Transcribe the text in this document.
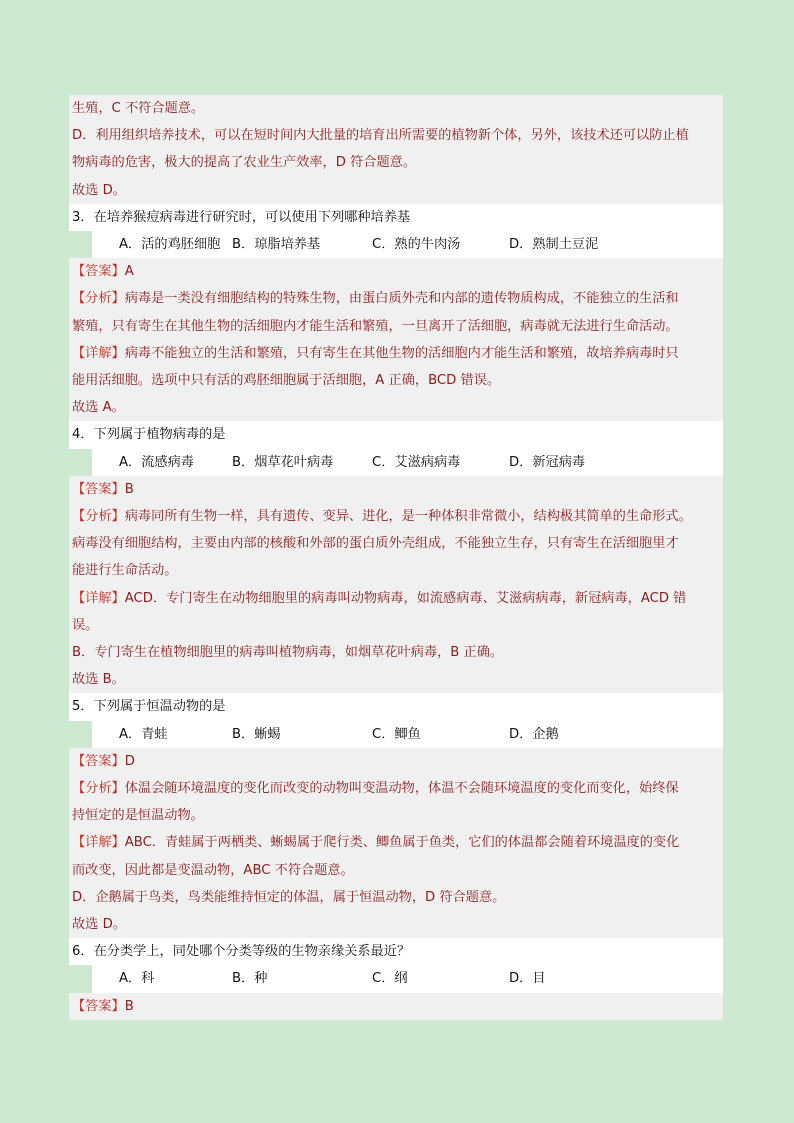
生殖，C 不符合题意。
D．利用组织培养技术，可以在短时间内大批量的培育出所需要的植物新个体，另外，该技术还可以防止植
物病毒的危害，极大的提高了农业生产效率，D 符合题意。
故选 D。
3．在培养猴痘病毒进行研究时，可以使用下列哪种培养基
A．活的鸡胚细胞 B．琼脂培养基	C．熟的牛肉汤	D．熟制土豆泥
【答案】A
【分析】病毒是一类没有细胞结构的特殊生物，由蛋白质外壳和内部的遗传物质构成，不能独立的生活和
繁殖，只有寄生在其他生物的活细胞内才能生活和繁殖，一旦离开了活细胞，病毒就无法进行生命活动。
【详解】病毒不能独立的生活和繁殖，只有寄生在其他生物的活细胞内才能生活和繁殖，故培养病毒时只
能用活细胞。选项中只有活的鸡胚细胞属于活细胞，A 正确，BCD 错误。
故选 A。
4．下列属于植物病毒的是
A．流感病毒	B．烟草花叶病毒	C．艾滋病病毒	D．新冠病毒
【答案】B
【分析】病毒同所有生物一样，具有遗传、变异、进化，是一种体积非常微小，结构极其简单的生命形式。
病毒没有细胞结构，主要由内部的核酸和外部的蛋白质外壳组成，不能独立生存，只有寄生在活细胞里才
能进行生命活动。
【详解】ACD．专门寄生在动物细胞里的病毒叫动物病毒，如流感病毒、艾滋病病毒，新冠病毒，ACD 错
误。
B．专门寄生在植物细胞里的病毒叫植物病毒，如烟草花叶病毒，B 正确。
故选 B。
5．下列属于恒温动物的是
A．青蛙	B．蜥蜴	C．鲫鱼	D．企鹅
【答案】D
【分析】体温会随环境温度的变化而改变的动物叫变温动物，体温不会随环境温度的变化而变化，始终保
持恒定的是恒温动物。
【详解】ABC．青蛙属于两栖类、蜥蜴属于爬行类、鲫鱼属于鱼类，它们的体温都会随着环境温度的变化
而改变，因此都是变温动物，ABC 不符合题意。
D．企鹅属于鸟类，鸟类能维持恒定的体温，属于恒温动物，D 符合题意。
故选 D。
6．在分类学上，同处哪个分类等级的生物亲缘关系最近？
A．科	B．种	C．纲	D．目
【答案】B
